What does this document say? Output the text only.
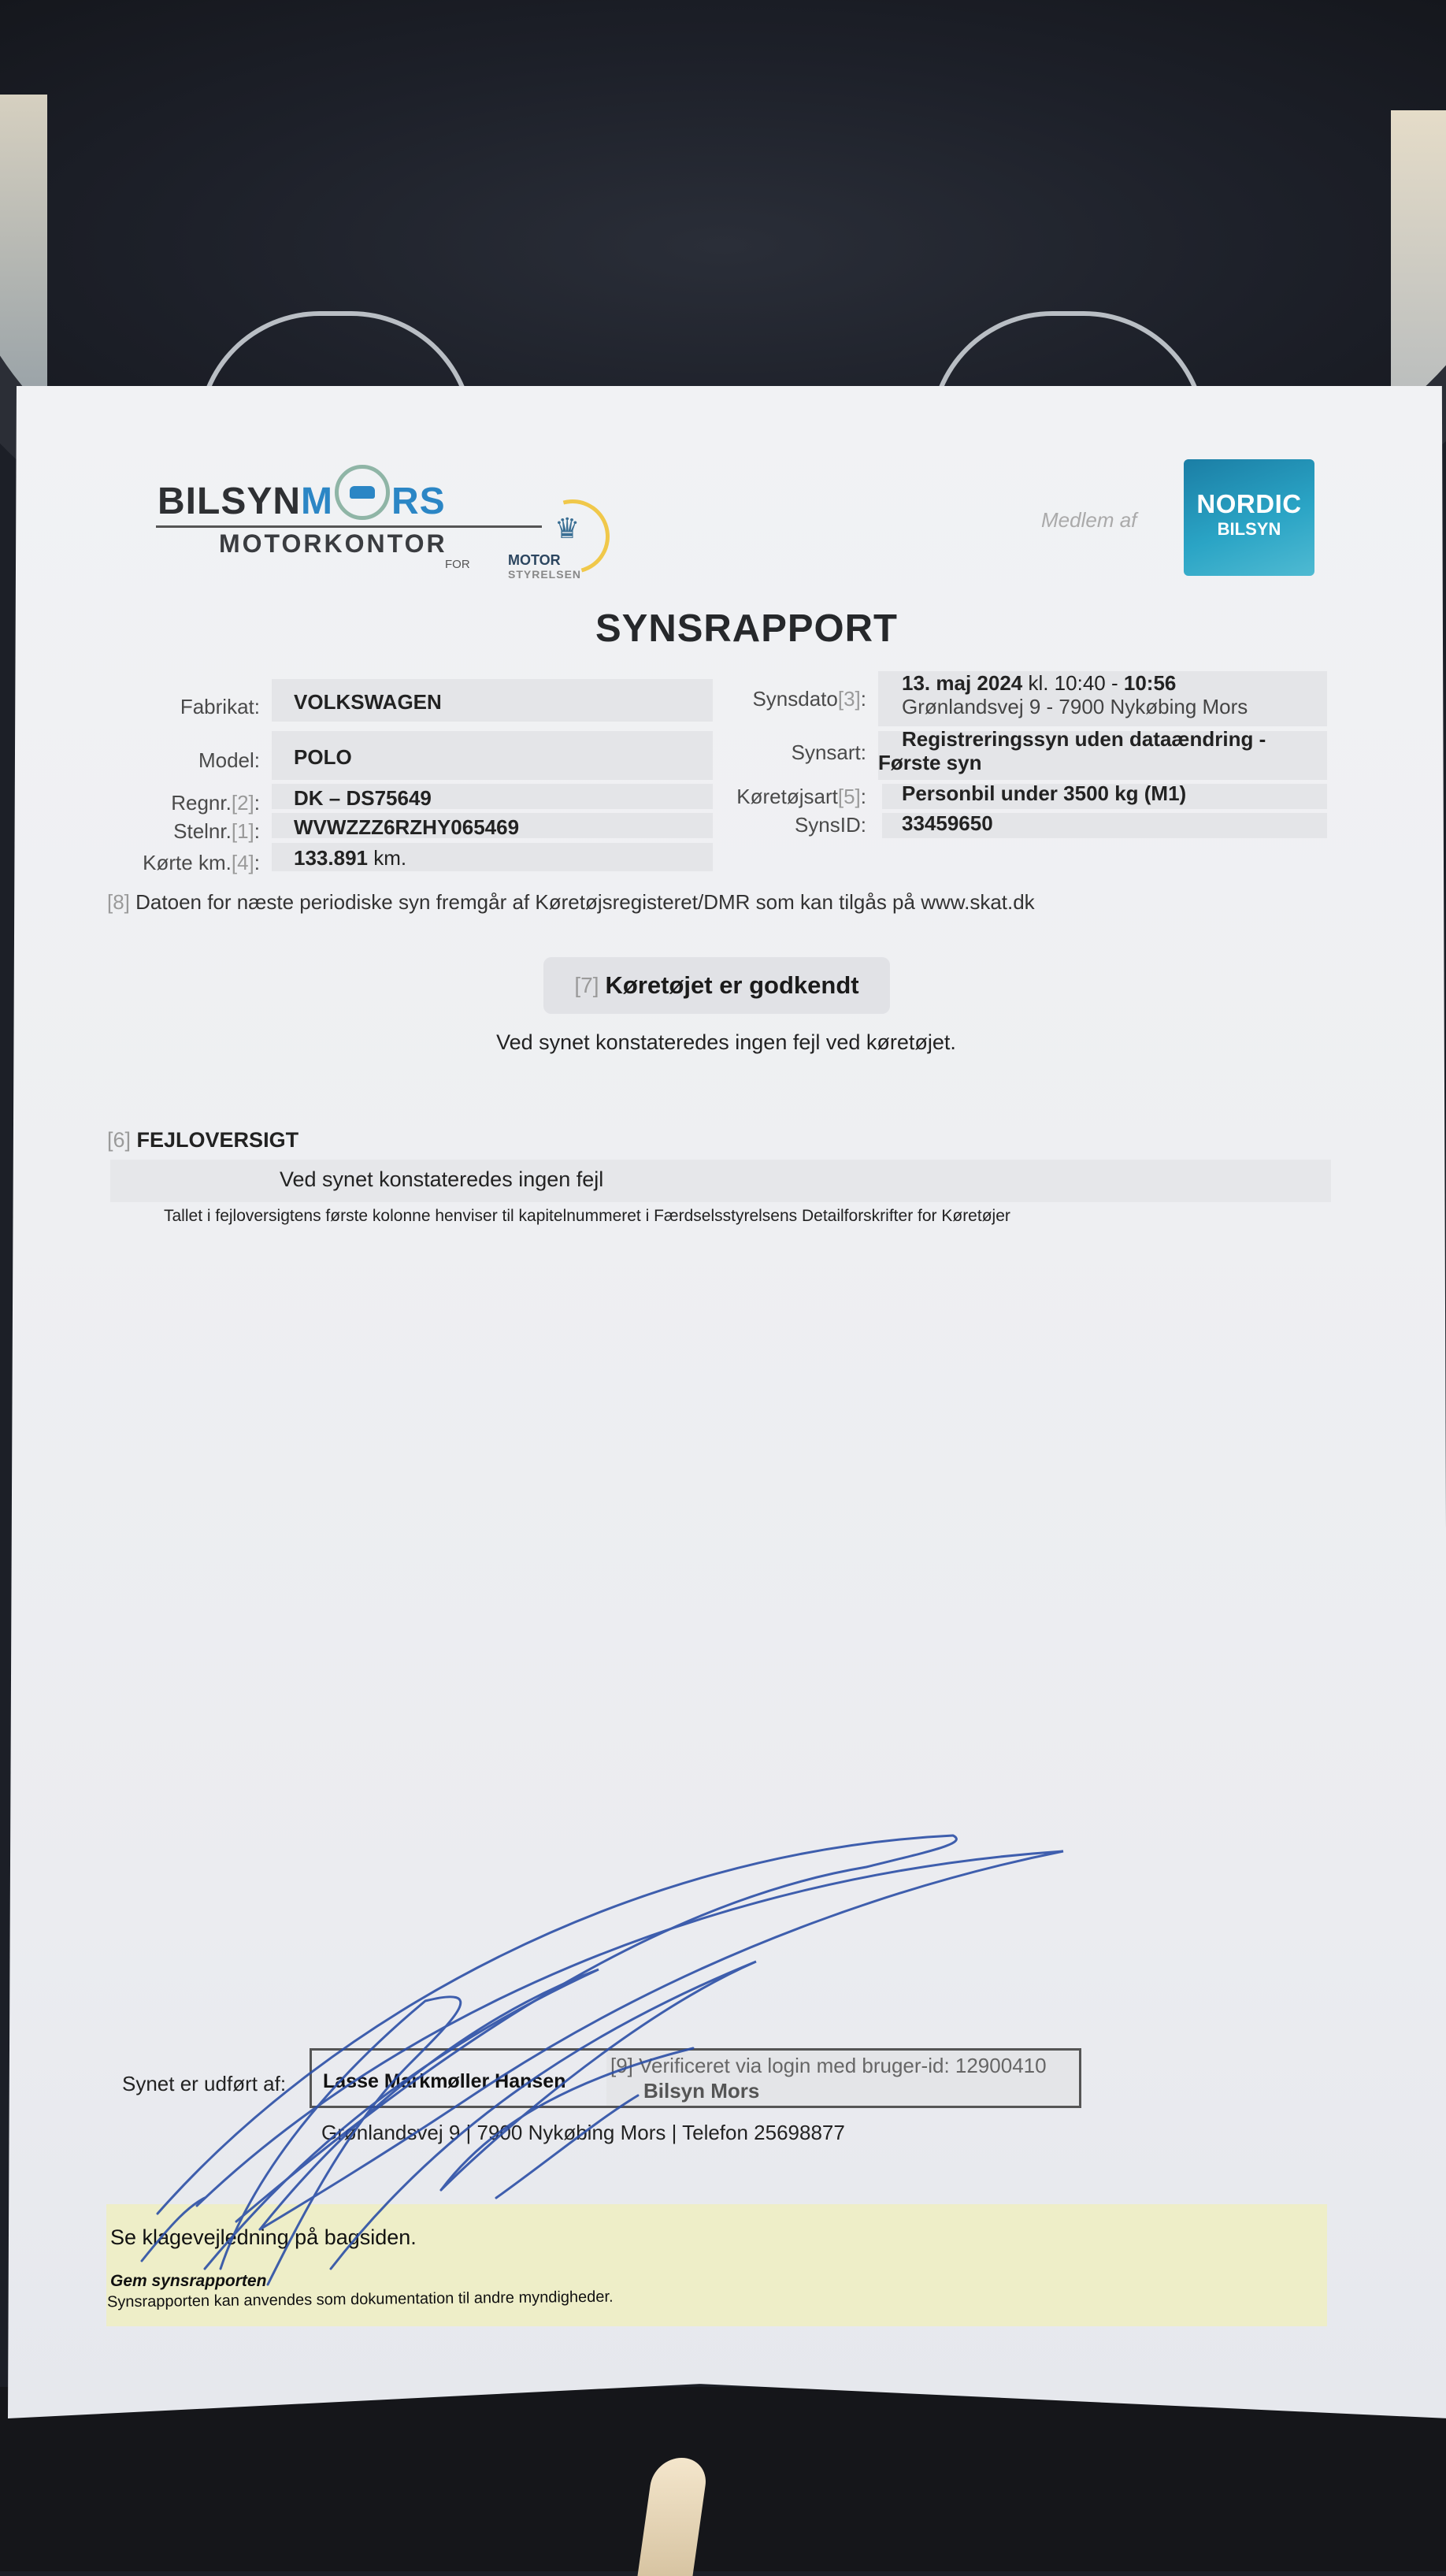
BILSYNM RS
MOTORKONTOR	♛
FOR	MOTOR
STYRELSEN
Medlem af
NORDIC
BILSYN
SYNSRAPPORT
Fabrikat: VOLKSWAGEN
Model: POLO
Regnr.[2]: DK – DS75649
Stelnr.[1]: WVWZZZ6RZHY065469
Kørte km.[4]: 133.891 km.
Synsdato[3]:
13. maj 2024 kl. 10:40 - 10:56
Grønlandsvej 9 - 7900 Nykøbing Mors
Synsart:
Registreringssyn uden dataændring -
Første syn
Køretøjsart[5]: Personbil under 3500 kg (M1)
SynsID: 33459650
[8] Datoen for næste periodiske syn fremgår af Køretøjsregisteret/DMR som kan tilgås på www.skat.dk
[7] Køretøjet er godkendt
Ved synet konstateredes ingen fejl ved køretøjet.
[6] FEJLOVERSIGT
Ved synet konstateredes ingen fejl
Tallet i fejloversigtens første kolonne henviser til kapitelnummeret i Færdselsstyrelsens Detailforskrifter for Køretøjer
Synet er udført af: Lasse Markmøller Hansen
[9] Verificeret via login med bruger-id: 12900410
Bilsyn Mors
Grønlandsvej 9 | 7900 Nykøbing Mors | Telefon 25698877
Se klagevejledning på bagsiden.
Gem synsrapporten
Synsrapporten kan anvendes som dokumentation til andre myndigheder.
